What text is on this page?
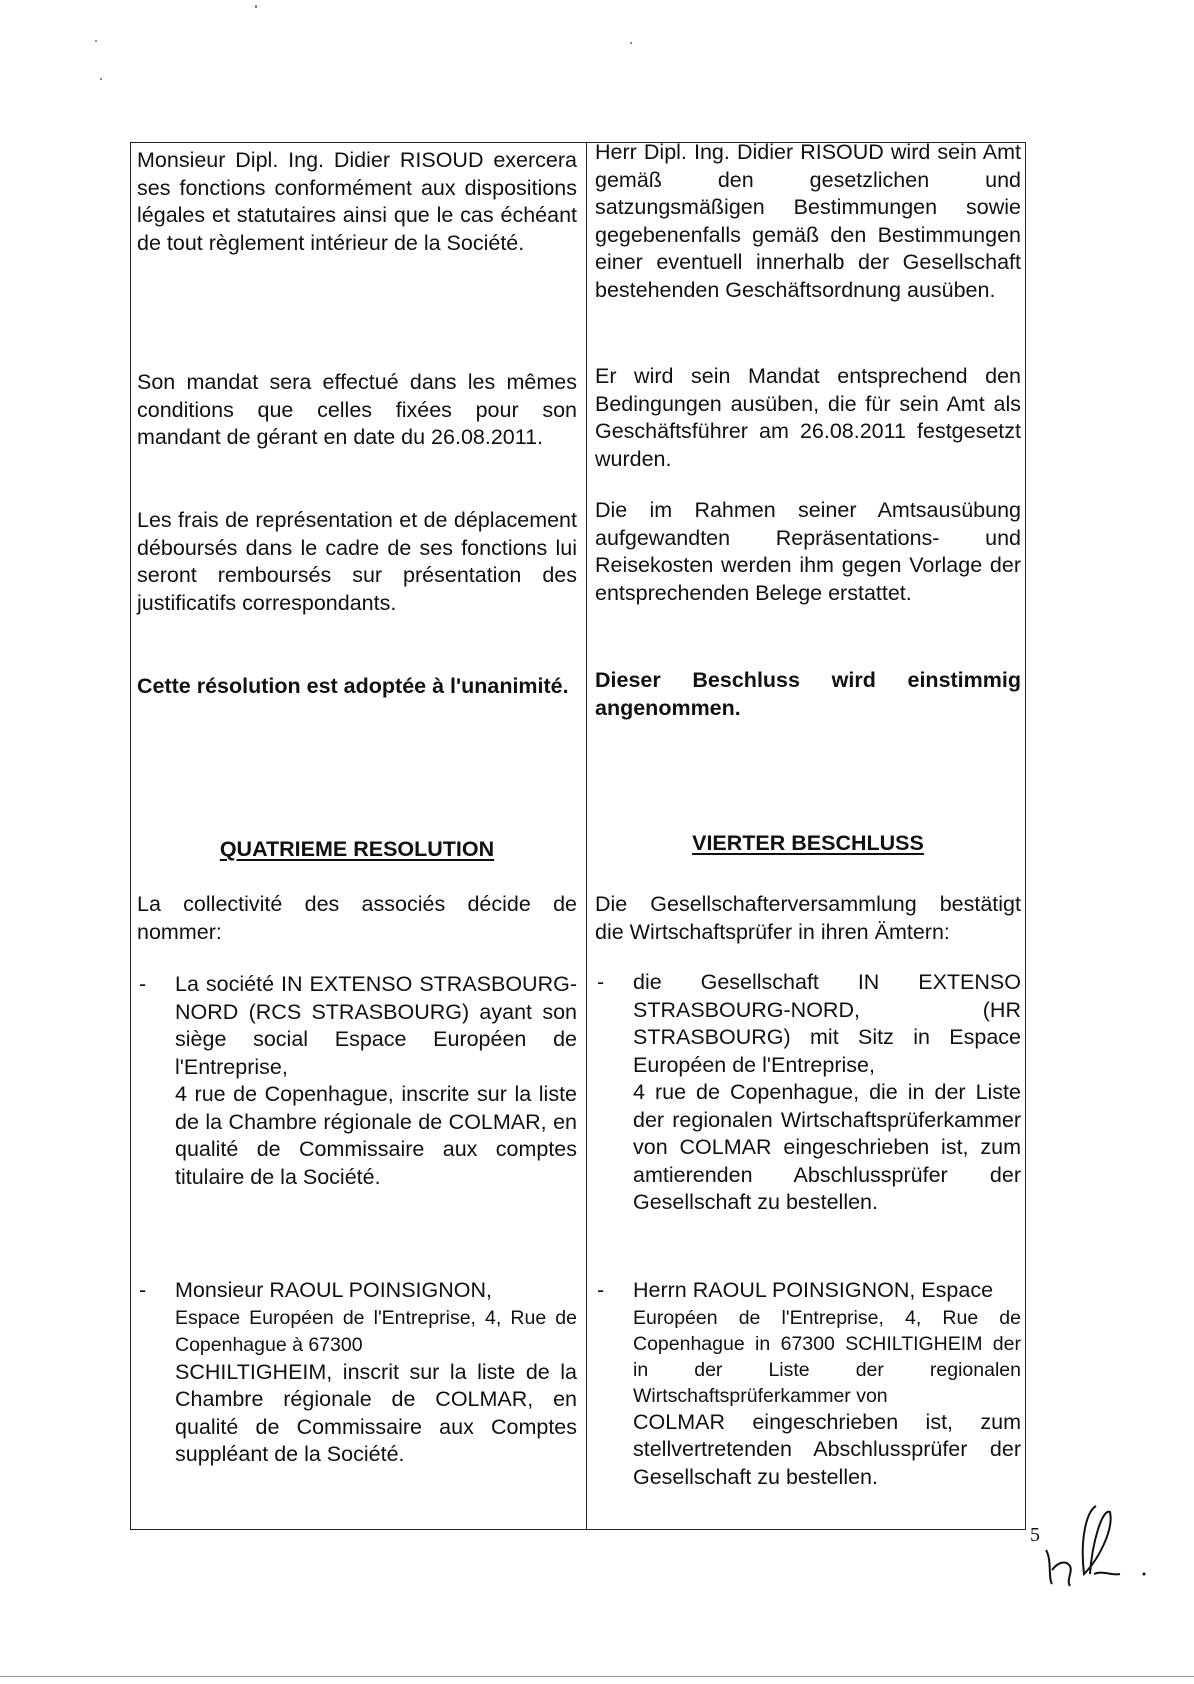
Monsieur Dipl. Ing. Didier RISOUD exercera ses fonctions conformément aux dispositions légales et statutaires ainsi que le cas échéant de tout règlement intérieur de la Société.
Son mandat sera effectué dans les mêmes conditions que celles fixées pour son mandant de gérant en date du 26.08.2011.
Les frais de représentation et de déplacement déboursés dans le cadre de ses fonctions lui seront remboursés sur présentation des justificatifs correspondants.
Cette résolution est adoptée à l'unanimité.
QUATRIEME RESOLUTION
La collectivité des associés décide de nommer:
- La société IN EXTENSO STRASBOURG-NORD (RCS STRASBOURG) ayant son siège social Espace Européen de l'Entreprise,
4 rue de Copenhague, inscrite sur la liste de la Chambre régionale de COLMAR, en qualité de Commissaire aux comptes titulaire de la Société.
- Monsieur RAOUL POINSIGNON,
Espace Européen de l'Entreprise, 4, Rue de Copenhague à 67300
SCHILTIGHEIM, inscrit sur la liste de la Chambre régionale de COLMAR, en qualité de Commissaire aux Comptes suppléant de la Société.
Herr Dipl. Ing. Didier RISOUD wird sein Amt gemäß den gesetzlichen und satzungsmäßigen Bestimmungen sowie gegebenenfalls gemäß den Bestimmungen einer eventuell innerhalb der Gesellschaft bestehenden Geschäftsordnung ausüben.
Er wird sein Mandat entsprechend den Bedingungen ausüben, die für sein Amt als Geschäftsführer am 26.08.2011 festgesetzt wurden.
Die im Rahmen seiner Amtsausübung aufgewandten Repräsentations- und Reisekosten werden ihm gegen Vorlage der entsprechenden Belege erstattet.
Dieser Beschluss wird einstimmig angenommen.
VIERTER BESCHLUSS
Die Gesellschafterversammlung bestätigt die Wirtschaftsprüfer in ihren Ämtern:
- die Gesellschaft IN EXTENSO STRASBOURG-NORD, (HR STRASBOURG) mit Sitz in Espace Européen de l'Entreprise,
4 rue de Copenhague, die in der Liste der regionalen Wirtschaftsprüferkammer von COLMAR eingeschrieben ist, zum amtierenden Abschlussprüfer der Gesellschaft zu bestellen.
- Herrn RAOUL POINSIGNON, Espace
Européen de l'Entreprise, 4, Rue de Copenhague in 67300 SCHILTIGHEIM der in der Liste der regionalen Wirtschaftsprüferkammer von
COLMAR eingeschrieben ist, zum stellvertretenden Abschlussprüfer der Gesellschaft zu bestellen.
5
